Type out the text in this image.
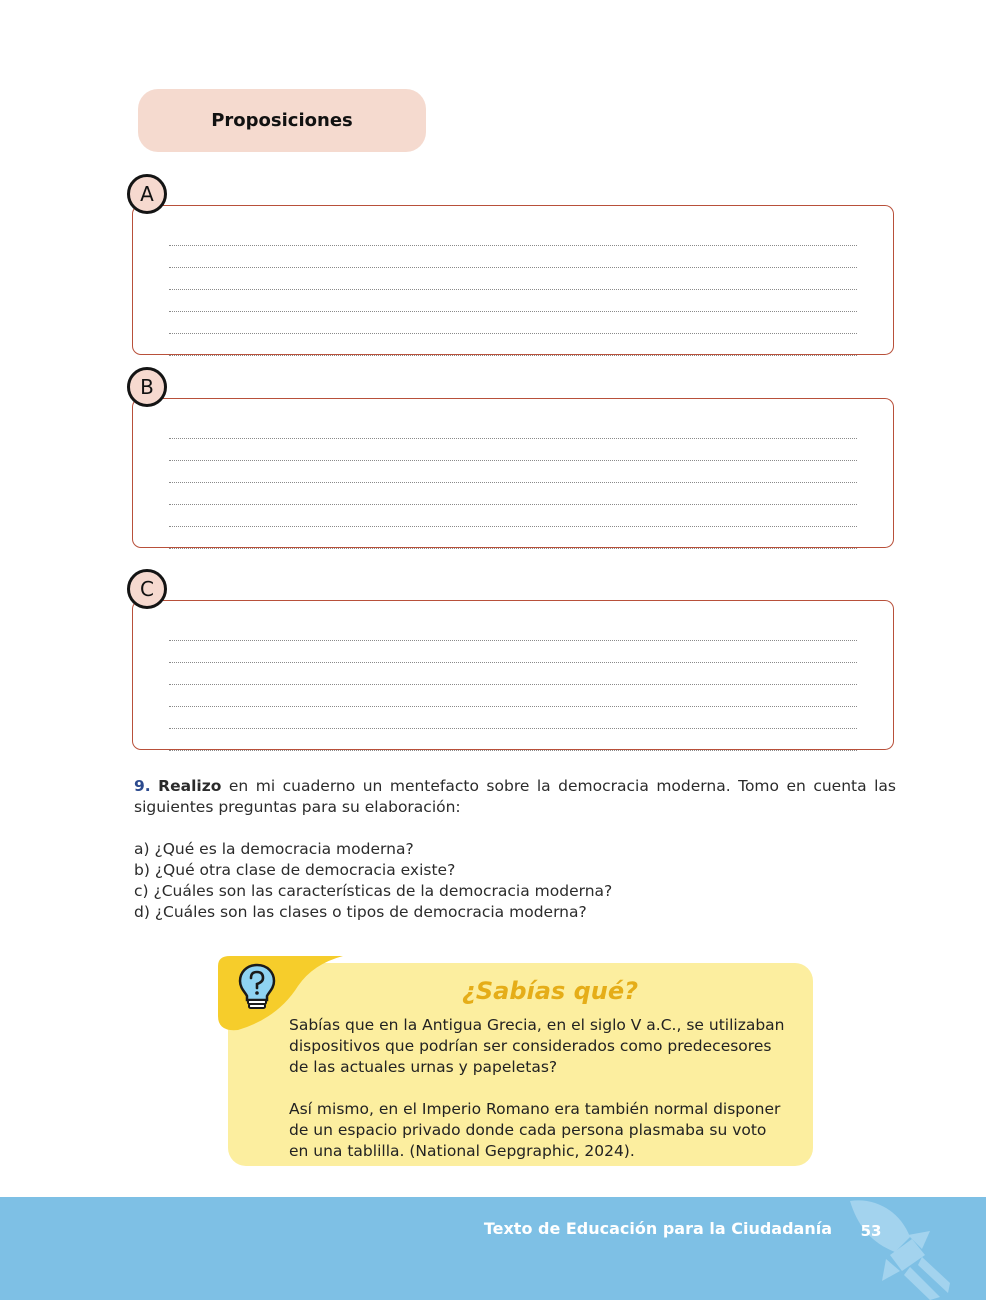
Proposiciones
A
B
C
9. Realizo en mi cuaderno un mentefacto sobre la democracia moderna. Tomo en cuenta las siguientes preguntas para su elaboración:
a) ¿Qué es la democracia moderna?
b) ¿Qué otra clase de democracia existe?
c) ¿Cuáles son las características de la democracia moderna?
d) ¿Cuáles son las clases o tipos de democracia moderna?
¿Sabías qué?

Sabías que en la Antigua Grecia, en el siglo V a.C., se utilizaban dispositivos que podrían ser considerados como predecesores de las actuales urnas y papeletas?

Así mismo, en el Imperio Romano era también normal disponer de un espacio privado donde cada persona plasmaba su voto en una tablilla. (National Gepgraphic, 2024).

Texto de Educación para la Ciudadanía	53
